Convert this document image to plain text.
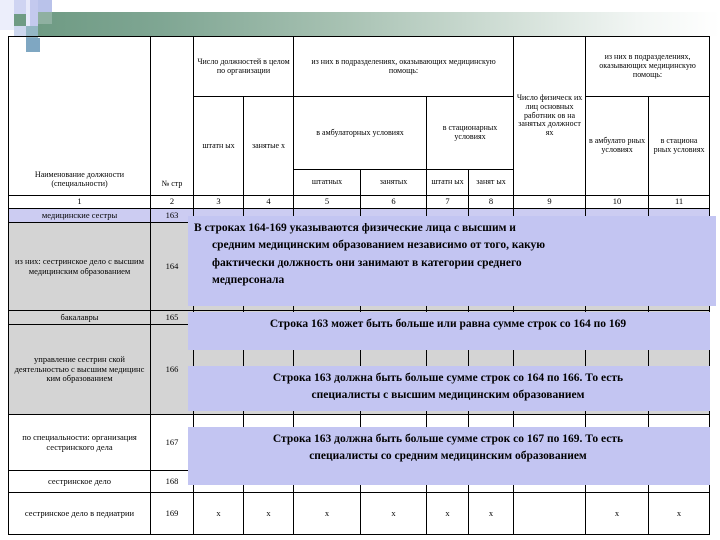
Наименование должности (специальности)	№ стр	Число должностей в целом по организации		из них в подразделениях, оказывающих медицинскую помощь:				Число физическ их лиц основных работник ов на занятых должност ях	из них в подразделениях, оказывающих медицинскую помощь:	
		штатн ых	занятые х	в амбулаторных условиях		в стационарных условиях			в амбулато рных условиях	в стациона рных условиях
				штатных	занятых	штатн ых	занят ых			
1	2	3	4	5	6	7	8	9	10	11
медицинские сестры	163									
из них: сестринское дело с высшим медицинским образованием	164									
бакалавры	165									
управление сестрин ской деятельностью с высшим медицинс ким образованием	166									
по специальности: организация сестринского дела	167									
сестринское дело	168									
сестринское дело в педиатрии	169	х	х	х	х	х	х		х	х
В строках 164-169 указываются физические лица с высшим и
средним медицинским образованием независимо от того, какую
фактически должность они занимают в категории среднего
медперсонала
Строка 163 может быть больше или равна сумме строк со 164 по 169
Строка 163 должна быть больше сумме строк со 164 по 166. То есть
специалисты с высшим медицинским образованием
Строка 163 должна быть больше сумме строк со 167 по 169. То есть
специалисты со средним медицинским образованием
